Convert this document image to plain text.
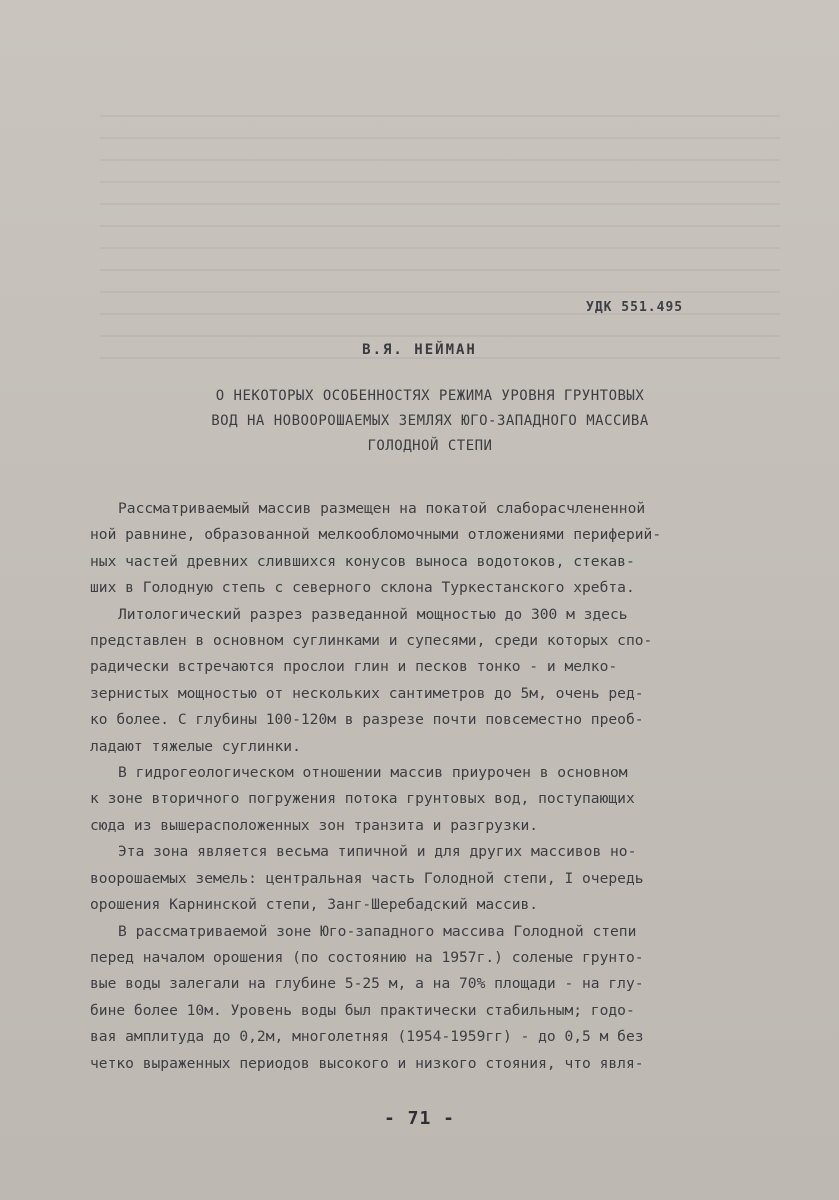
УДК 551.495
В.Я. НЕЙМАН
О НЕКОТОРЫХ ОСОБЕННОСТЯХ РЕЖИМА УРОВНЯ ГРУНТОВЫХ
ВОД НА НОВООРОШАЕМЫХ ЗЕМЛЯХ ЮГО-ЗАПАДНОГО МАССИВА
ГОЛОДНОЙ СТЕПИ
Рассматриваемый массив размещен на покатой слаборасчлененной
ной равнине, образованной мелкообломочными отложениями периферий-
ных частей древних слившихся конусов выноса водотоков, стекав-
ших в Голодную степь с северного склона Туркестанского хребта.
Литологический разрез разведанной мощностью до 300 м здесь
представлен в основном суглинками и супесями, среди которых спо-
радически встречаются прослои глин и песков тонко - и мелко-
зернистых мощностью от нескольких сантиметров до 5м, очень ред-
ко более. С глубины 100-120м в разрезе почти повсеместно преоб-
ладают тяжелые суглинки.
В гидрогеологическом отношении массив приурочен в основном
к зоне вторичного погружения потока грунтовых вод, поступающих
сюда из вышерасположенных зон транзита и разгрузки.
Эта зона является весьма типичной и для других массивов но-
вoорошаемых земель: центральная часть Голодной степи, I очередь
орошения Карнинской степи, Занг-Шеребадский массив.
В рассматриваемой зоне Юго-западного массива Голодной степи
перед началом орошения (по состоянию на 1957г.) соленые грунто-
вые воды залегали на глубине 5-25 м, а на 70% площади - на глу-
бине более 10м. Уровень воды был практически стабильным; годо-
вая амплитуда до 0,2м, многолетняя (1954-1959гг) - до 0,5 м без
четко выраженных периодов высокого и низкого стояния, что явля-
- 71 -
